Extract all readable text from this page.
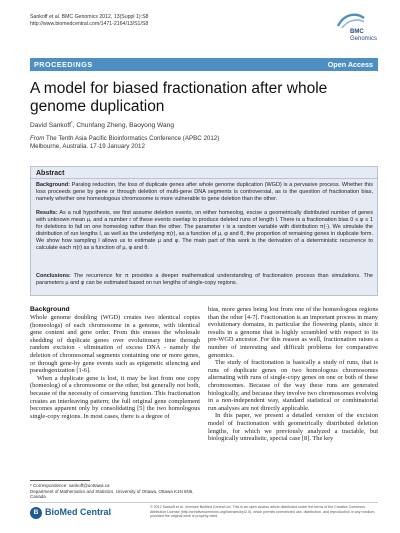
Sankoff et al. BMC Genomics 2012, 13(Suppl 1):S8
http://www.biomedcentral.com/1471-2164/13/S1/S8
BMC
Genomics
PROCEEDINGS	Open Access
A model for biased fractionation after whole genome duplication
David Sankoff*, Chunfang Zheng, Baoyong Wang
From The Tenth Asia Pacific Bioinformatics Conference (APBC 2012)
Melbourne, Australia. 17-19 January 2012
Abstract
Background: Paralog reduction, the loss of duplicate genes after whole genome duplication (WGD) is a pervasive process. Whether this loss proceeds gene by gene or through deletion of multi-gene DNA segments is controversial, as is the question of fractionation bias, namely whether one homeologous chromosome is more vulnerable to gene deletion than the other.
Results: As a null hypothesis, we first assume deletion events, on either homeolog, excise a geometrically distributed number of genes with unknown mean µ, and a number r of these events overlap to produce deleted runs of length l. There is a fractionation bias 0 ≤ φ ≤ 1 for deletions to fall on one homeolog rather than the other. The parameter r is a random variable with distribution π(·). We simulate the distribution of run lengths l, as well as the underlying π(r), as a function of µ, φ and θ, the proportion of remaining genes in duplicate form. We show how sampling l allows us to estimate µ and φ. The main part of this work is the derivation of a deterministic recurrence to calculate each π(r) as a function of µ, φ and θ.
Conclusions: The recurrence for π provides a deeper mathematical understanding of fractionation process than simulations. The parameters µ and φ can be estimated based on run lengths of single-copy regions.
Background

Whole genome doubling (WGD) creates two identical copies (homeologs) of each chromosome in a genome, with identical gene content and gene order. From this ensues the wholesale shedding of duplicate genes over evolutionary time through random excision - elimination of excess DNA - namely the deletion of chromosomal segments containing one or more genes, or through gene-by gene events such as epigenetic silencing and pseudogenization [1-6].

When a duplicate gene is lost, it may be lost from one copy (homeolog) of a chromosome or the other, but generally not both, because of the necessity of conserving function. This fractionation creates an interleaving pattern; the full original gene complement becomes apparent only by consolidating [5] the two homologous single-copy regions. In most cases, there is a degree of

bias, more genes being lost from one of the homeologous regions than the other [4-7]. Fractionation is an important process in many evolutionary domains, in particular the flowering plants, since it results in a genome that is highly scrambled with respect to its pre-WGD ancestor. For this reason as well, fractionation raises a number of interesting and difficult problems for comparative genomics.

The study of fractionation is basically a study of runs, that is runs of duplicate genes on two homologous chromosomes alternating with runs of single-copy genes on one or both of these chromosomes. Because of the way these runs are generated biologically, and because they involve two chromosomes evolving in a non-independent way, standard statistical or combinatorial run analyses are not directly applicable.

In this paper, we present a detailed version of the excision model of fractionation with geometrically distributed deletion lengths, for which we previously analyzed a tractable, but biologically unrealistic, special case [8]. The key

* Correspondence: sankoff@uottawa.ca
Department of Mathematics and Statistics, University of Ottawa, Ottawa K1N 6N5, Canada
B BioMed Central	© 2012 Sankoff et al.; licensee BioMed Central Ltd. This is an open access article distributed under the terms of the Creative Commons Attribution License (http://creativecommons.org/licenses/by/2.0), which permits unrestricted use, distribution, and reproduction in any medium, provided the original work is properly cited.
